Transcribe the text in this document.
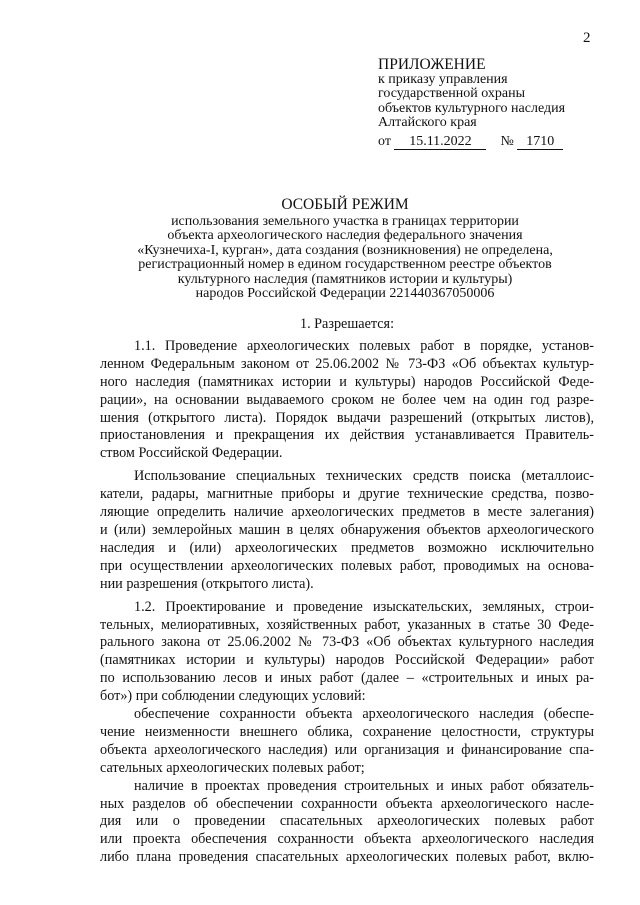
2
ПРИЛОЖЕНИЕ
к приказу управления
государственной охраны
объектов культурного наследия
Алтайского края
от 15.11.2022 № 1710
ОСОБЫЙ РЕЖИМ
использования земельного участка в границах территории
объекта археологического наследия федерального значения
«Кузнечиха-I, курган», дата создания (возникновения) не определена,
регистрационный номер в едином государственном реестре объектов
культурного наследия (памятников истории и культуры)
народов Российской Федерации 221440367050006
1. Разрешается:
1.1. Проведение археологических полевых работ в порядке, установ-
ленном Федеральным законом от 25.06.2002 № 73-ФЗ «Об объектах культур-
ного наследия (памятниках истории и культуры) народов Российской Феде-
рации», на основании выдаваемого сроком не более чем на один год разре-
шения (открытого листа). Порядок выдачи разрешений (открытых листов),
приостановления и прекращения их действия устанавливается Правитель-
ством Российской Федерации.
Использование специальных технических средств поиска (металлоис-
катели, радары, магнитные приборы и другие технические средства, позво-
ляющие определить наличие археологических предметов в месте залегания)
и (или) землеройных машин в целях обнаружения объектов археологического
наследия и (или) археологических предметов возможно исключительно
при осуществлении археологических полевых работ, проводимых на основа-
нии разрешения (открытого листа).
1.2. Проектирование и проведение изыскательских, земляных, строи-
тельных, мелиоративных, хозяйственных работ, указанных в статье 30 Феде-
рального закона от 25.06.2002 № 73-ФЗ «Об объектах культурного наследия
(памятниках истории и культуры) народов Российской Федерации» работ
по использованию лесов и иных работ (далее – «строительных и иных ра-
бот») при соблюдении следующих условий:
обеспечение сохранности объекта археологического наследия (обеспе-
чение неизменности внешнего облика, сохранение целостности, структуры
объекта археологического наследия) или организация и финансирование спа-
сательных археологических полевых работ;
наличие в проектах проведения строительных и иных работ обязатель-
ных разделов об обеспечении сохранности объекта археологического насле-
дия или о проведении спасательных археологических полевых работ
или проекта обеспечения сохранности объекта археологического наследия
либо плана проведения спасательных археологических полевых работ, вклю-
